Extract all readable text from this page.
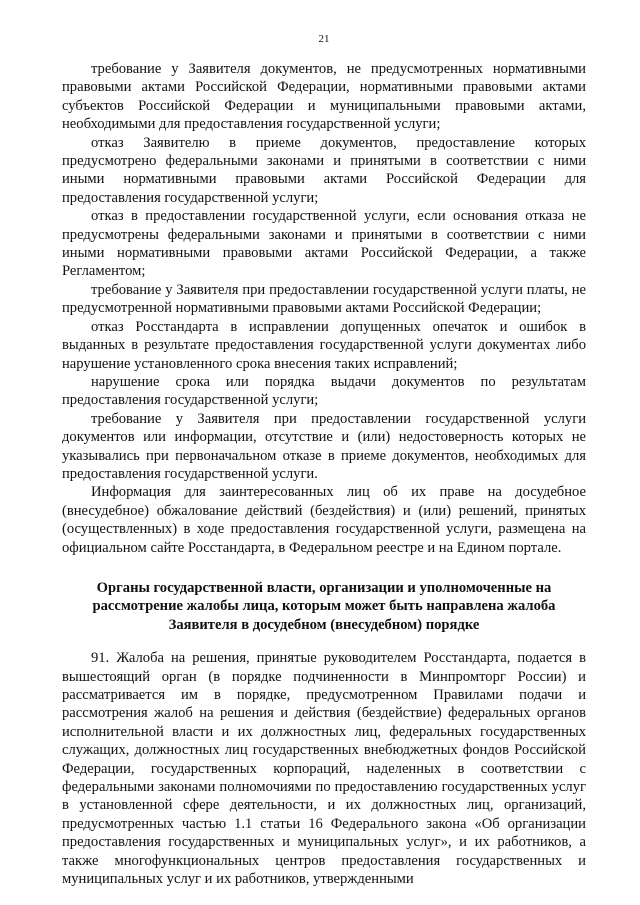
21

требование у Заявителя документов, не предусмотренных нормативными правовыми актами Российской Федерации, нормативными правовыми актами субъектов Российской Федерации и муниципальными правовыми актами, необходимыми для предоставления государственной услуги;

отказ Заявителю в приеме документов, предоставление которых предусмотрено федеральными законами и принятыми в соответствии с ними иными нормативными правовыми актами Российской Федерации для предоставления государственной услуги;

отказ в предоставлении государственной услуги, если основания отказа не предусмотрены федеральными законами и принятыми в соответствии с ними иными нормативными правовыми актами Российской Федерации, а также Регламентом;

требование у Заявителя при предоставлении государственной услуги платы, не предусмотренной нормативными правовыми актами Российской Федерации;

отказ Росстандарта в исправлении допущенных опечаток и ошибок в выданных в результате предоставления государственной услуги документах либо нарушение установленного срока внесения таких исправлений;

нарушение срока или порядка выдачи документов по результатам предоставления государственной услуги;

требование у Заявителя при предоставлении государственной услуги документов или информации, отсутствие и (или) недостоверность которых не указывались при первоначальном отказе в приеме документов, необходимых для предоставления государственной услуги.

Информация для заинтересованных лиц об их праве на досудебное (внесудебное) обжалование действий (бездействия) и (или) решений, принятых (осуществленных) в ходе предоставления государственной услуги, размещена на официальном сайте Росстандарта, в Федеральном реестре и на Едином портале.

Органы государственной власти, организации и уполномоченные на
рассмотрение жалобы лица, которым может быть направлена жалоба
Заявителя в досудебном (внесудебном) порядке

91. Жалоба на решения, принятые руководителем Росстандарта, подается в вышестоящий орган (в порядке подчиненности в Минпромторг России) и рассматривается им в порядке, предусмотренном Правилами подачи и рассмотрения жалоб на решения и действия (бездействие) федеральных органов исполнительной власти и их должностных лиц, федеральных государственных служащих, должностных лиц государственных внебюджетных фондов Российской Федерации, государственных корпораций, наделенных в соответствии с федеральными законами полномочиями по предоставлению государственных услуг в установленной сфере деятельности, и их должностных лиц, организаций, предусмотренных частью 1.1 статьи 16 Федерального закона «Об организации предоставления государственных и муниципальных услуг», и их работников, а также многофункциональных центров предоставления государственных и муниципальных услуг и их работников, утвержденными
